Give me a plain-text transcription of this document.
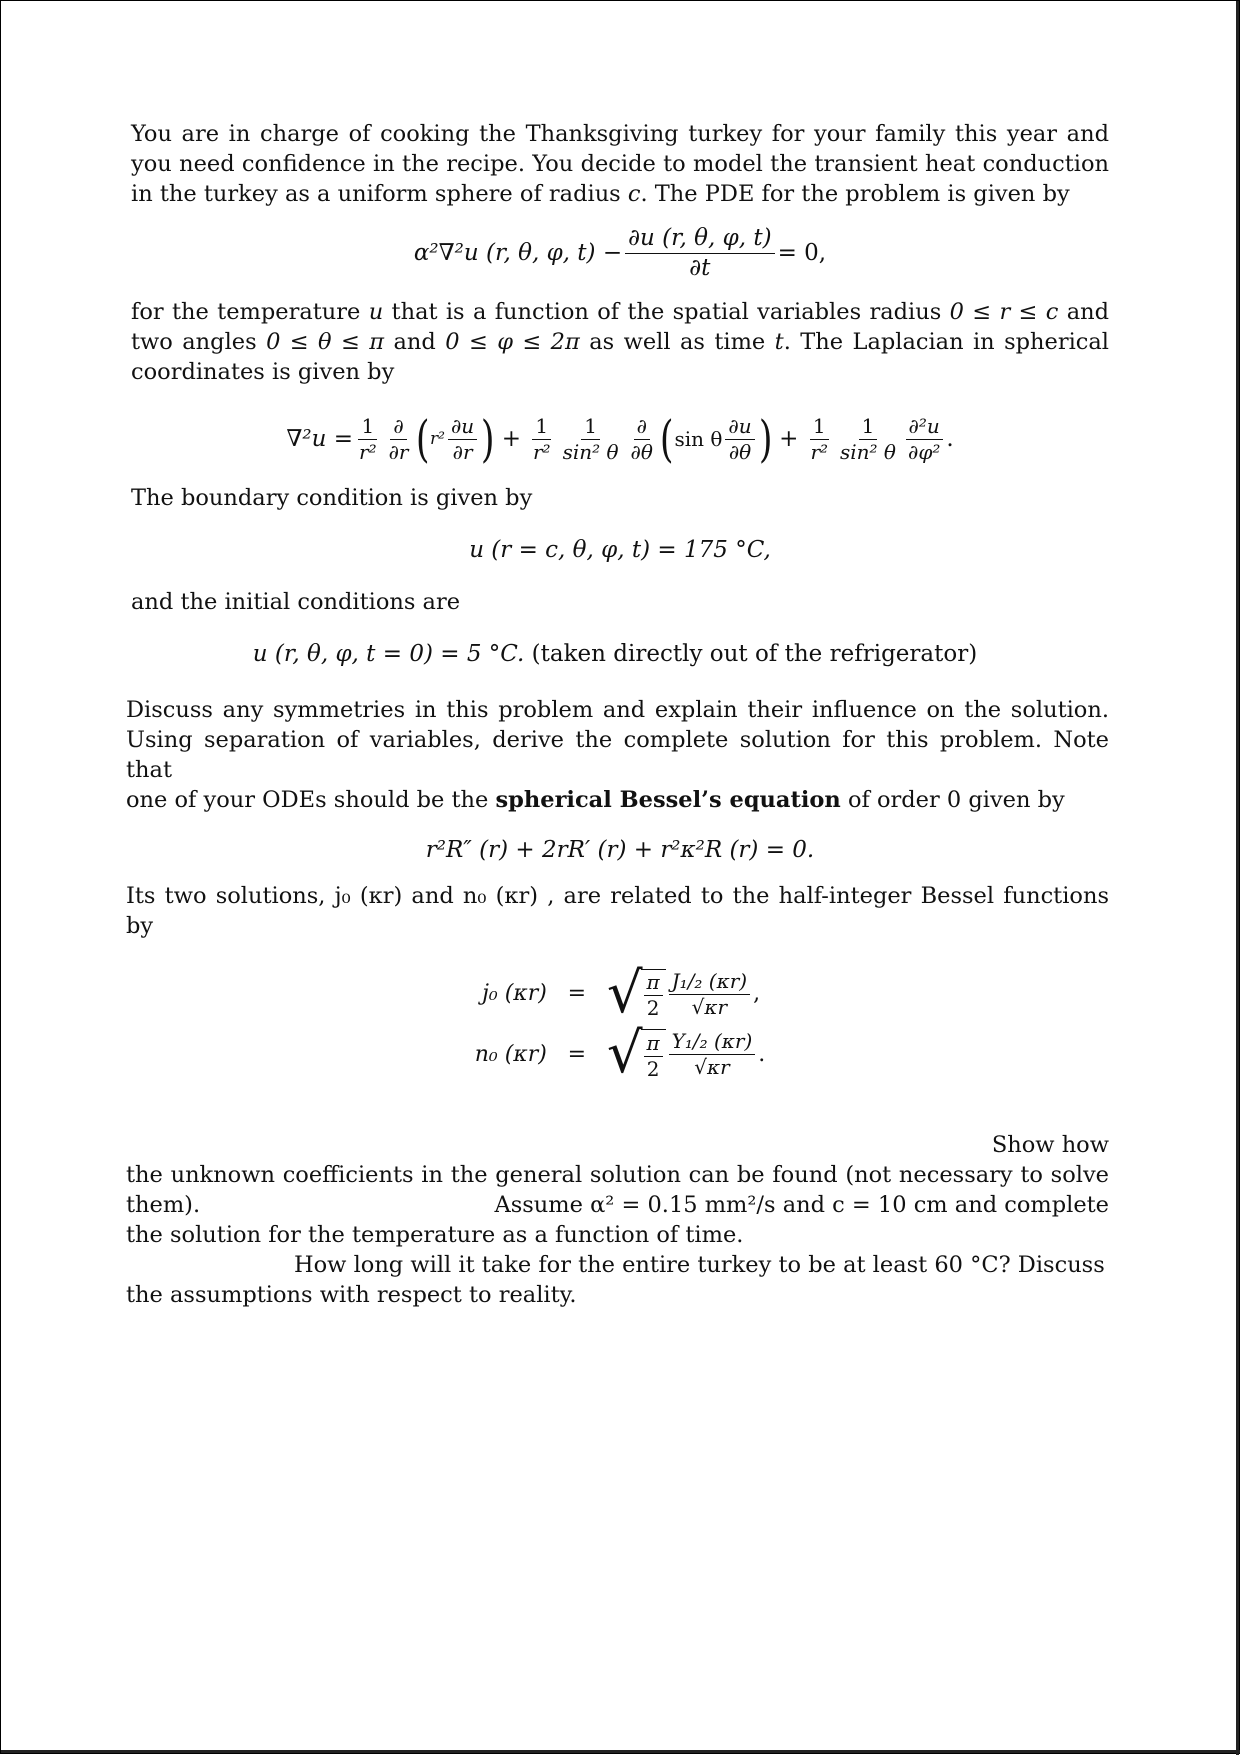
You are in charge of cooking the Thanksgiving turkey for your family this year and
you need confidence in the recipe. You decide to model the transient heat conduction
in the turkey as a uniform sphere of radius c. The PDE for the problem is given by
α²∇²u (r, θ, φ, $t) - \frac{\partial u (r, \theta, \varphi, t)}{\partial t} = 0$,
for the temperature u that is a function of the spatial variables radius 0 ≤ r ≤ c and two angles 0 ≤ θ ≤ π and 0 ≤ φ ≤ 2π as well as time t. The Laplacian in spherical coordinates is given by
$\nabla^2u = \frac{1}{\text{r²}} \frac{\partial}{\partial r}$ ( $r^2 \frac{\partial u}{\partial r}$ ) + $\frac{1}{\text{r²}} \frac{1}{\text{sin² θ}} \frac{\partial}{\partial\theta}$ ( sin θ $\frac{\partial u}{\partial\theta}$ ) + $\frac{1}{\text{r²}} \frac{1}{\text{sin² θ}} \frac{\text{∂²u}}{\text{∂φ²}}$ .
The boundary condition is given by
u (r = c, θ, φ, t) = 175 °C,
and the initial conditions are
u (r, θ, φ, t = 0) = 5 °C.
(taken directly out of the refrigerator)
Discuss any symmetries in this problem and explain their influence on the solution.
Using separation of variables, derive the complete solution for this problem. Note that
one of your ODEs should be the spherical Bessel’s equation of order 0 given by
r²R″ (r) + 2rR′ (r) + r²κ²R (r) = 0.
Its two solutions, j₀ (κr) and n₀ (κr) , are related to the half-integer Bessel functions
by
j₀ (κr) = √ $\frac{\pi}{2} \frac{\text{J₁/₂ (κr)}}{√\kappa r}$ ,
n₀ (κr) = √ $\frac{\pi}{2} \frac{\text{Y₁/₂ (κr)}}{√\kappa r}$ .
Show how
the unknown coefficients in the general solution can be found (not necessary to solve
them).	Assume α² = 0.15 mm²/s and c = 10 cm and complete
the solution for the temperature as a function of time.
How long will it take for the entire turkey to be at least 60 °C? Discuss
the assumptions with respect to reality.
